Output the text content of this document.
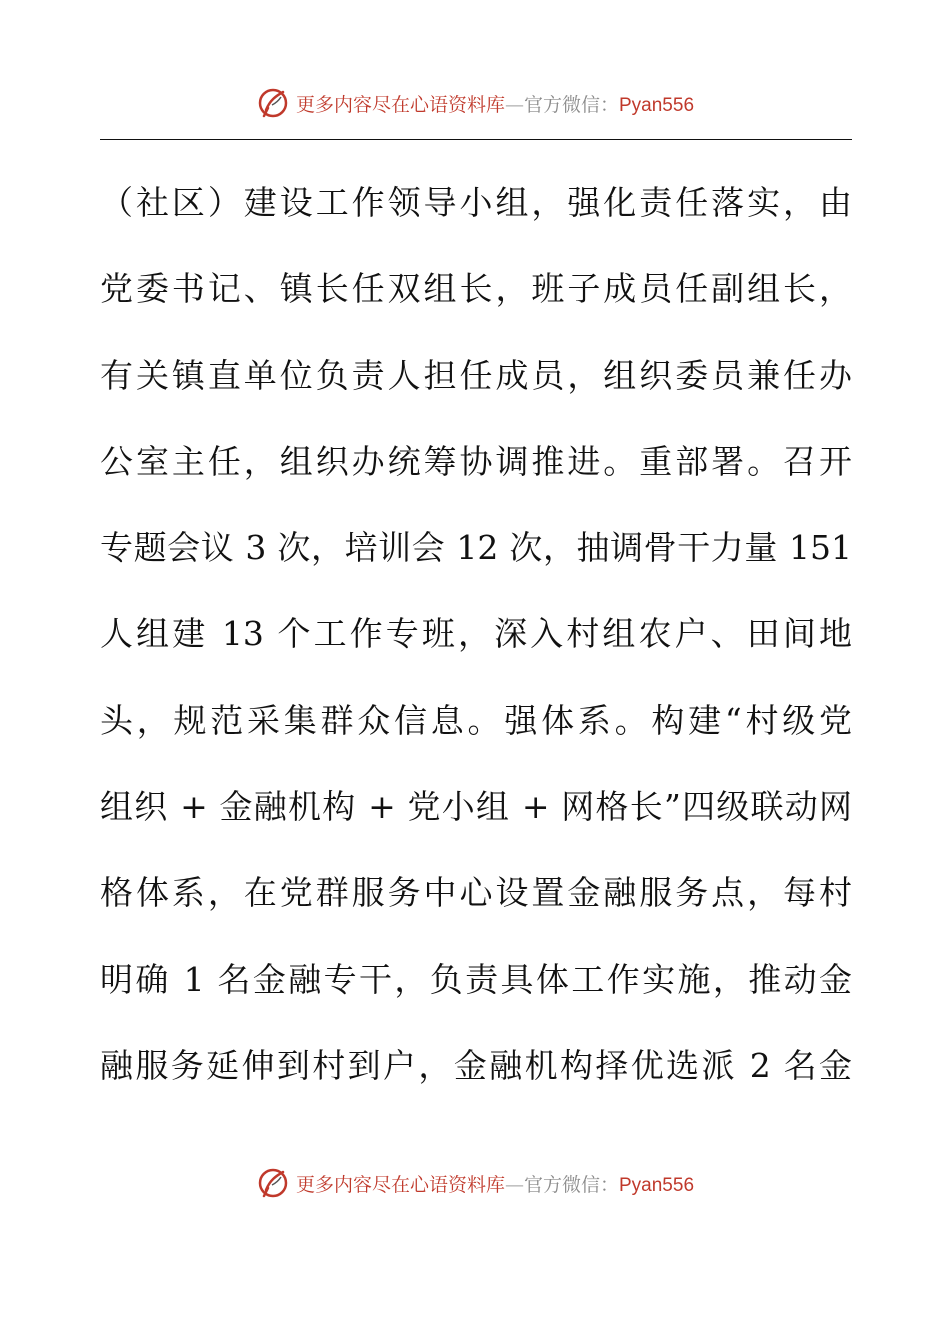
更多内容尽在心语资料库—官方微信：Pyan556
（社区）建设工作领导小组，强化责任落实，由
党委书记、镇长任双组长，班子成员任副组长，
有关镇直单位负责人担任成员，组织委员兼任办
公室主任，组织办统筹协调推进。重部署。召开
专题会议 3 次，培训会 12 次，抽调骨干力量 151
人组建 13 个工作专班，深入村组农户、田间地
头，规范采集群众信息。强体系。构建“村级党
组织 + 金融机构 + 党小组 + 网格长”四级联动网
格体系，在党群服务中心设置金融服务点，每村
明确 1 名金融专干，负责具体工作实施，推动金
融服务延伸到村到户，金融机构择优选派 2 名金
更多内容尽在心语资料库—官方微信：Pyan556
